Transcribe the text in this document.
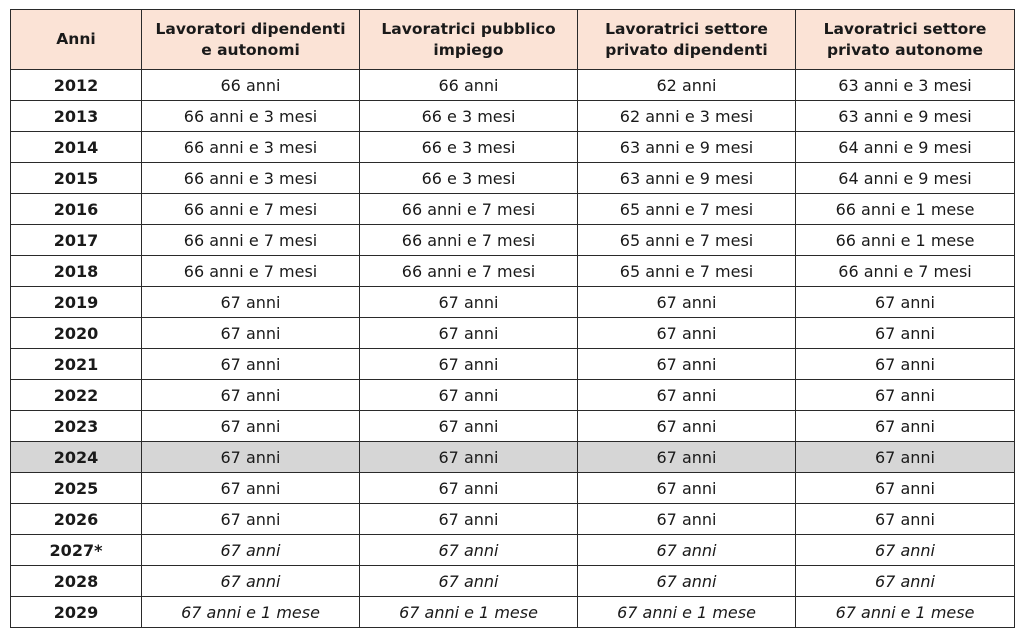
Anni	Lavoratori dipendenti e autonomi	Lavoratrici pubblico impiego	Lavoratrici settore privato dipendenti	Lavoratrici settore privato autonome
2012	66 anni	66 anni	62 anni	63 anni e 3 mesi
2013	66 anni e 3 mesi	66 e 3 mesi	62 anni e 3 mesi	63 anni e 9 mesi
2014	66 anni e 3 mesi	66 e 3 mesi	63 anni e 9 mesi	64 anni e 9 mesi
2015	66 anni e 3 mesi	66 e 3 mesi	63 anni e 9 mesi	64 anni e 9 mesi
2016	66 anni e 7 mesi	66 anni e 7 mesi	65 anni e 7 mesi	66 anni e 1 mese
2017	66 anni e 7 mesi	66 anni e 7 mesi	65 anni e 7 mesi	66 anni e 1 mese
2018	66 anni e 7 mesi	66 anni e 7 mesi	65 anni e 7 mesi	66 anni e 7 mesi
2019	67 anni	67 anni	67 anni	67 anni
2020	67 anni	67 anni	67 anni	67 anni
2021	67 anni	67 anni	67 anni	67 anni
2022	67 anni	67 anni	67 anni	67 anni
2023	67 anni	67 anni	67 anni	67 anni
2024	67 anni	67 anni	67 anni	67 anni
2025	67 anni	67 anni	67 anni	67 anni
2026	67 anni	67 anni	67 anni	67 anni
2027*	67 anni	67 anni	67 anni	67 anni
2028	67 anni	67 anni	67 anni	67 anni
2029	67 anni e 1 mese	67 anni e 1 mese	67 anni e 1 mese	67 anni e 1 mese
